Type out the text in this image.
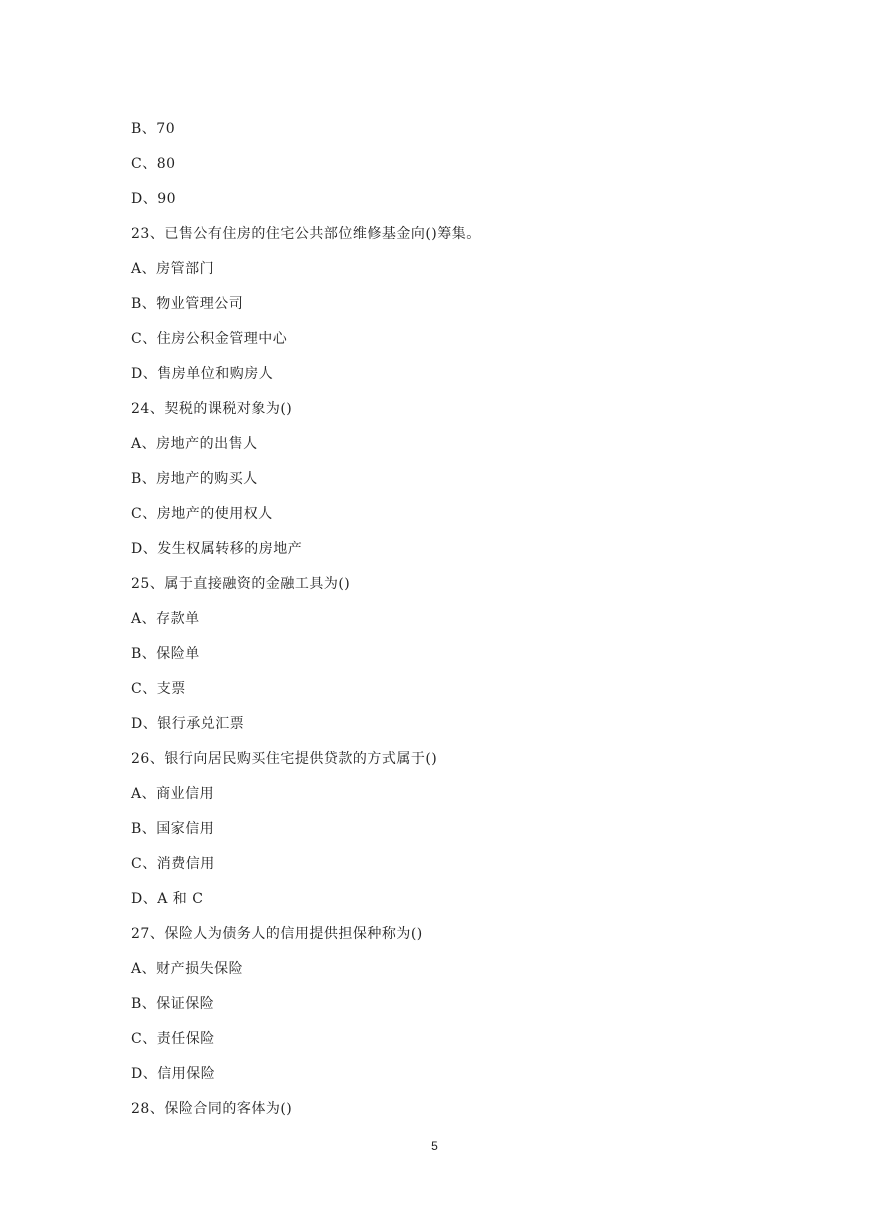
B、70
C、80
D、90
23、已售公有住房的住宅公共部位维修基金向()筹集。
A、房管部门
B、物业管理公司
C、住房公积金管理中心
D、售房单位和购房人
24、契税的课税对象为()
A、房地产的出售人
B、房地产的购买人
C、房地产的使用权人
D、发生权属转移的房地产
25、属于直接融资的金融工具为()
A、存款单
B、保险单
C、支票
D、银行承兑汇票
26、银行向居民购买住宅提供贷款的方式属于()
A、商业信用
B、国家信用
C、消费信用
D、A 和 C
27、保险人为债务人的信用提供担保种称为()
A、财产损失保险
B、保证保险
C、责任保险
D、信用保险
28、保险合同的客体为()
5
